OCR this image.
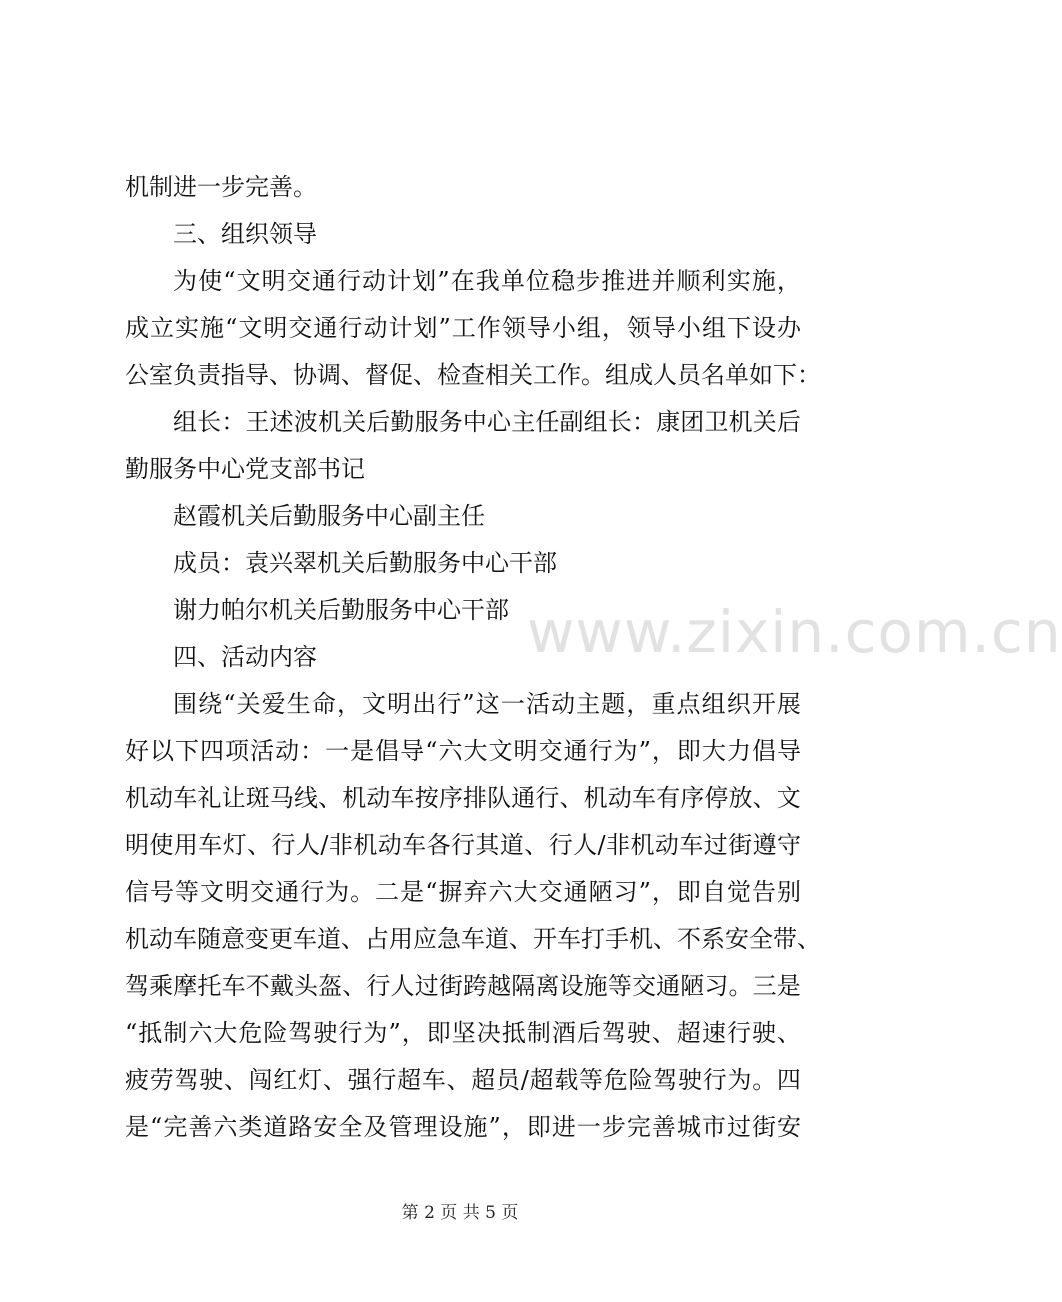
机制进一步完善。
三、组织领导
为 使 “ 文 明 交 通 行 动 计 划 ” 在 我 单 位 稳 步 推 进 并 顺 利 实 施 ，
成 立 实 施 “ 文 明 交 通 行 动 计 划 ” 工 作 领 导 小 组 ， 领 导 小 组 下 设 办
公 室 负 责 指 导 、 协 调 、 督 促 、 检 查 相 关 工 作 。 组 成 人 员 名 单 如 下 ：
组 长 ： 王 述 波 机 关 后 勤 服 务 中 心 主 任 副 组 长 ： 康 团 卫 机 关 后
勤服务中心党支部书记
赵霞机关后勤服务中心副主任
成员：袁兴翠机关后勤服务中心干部
谢力帕尔机关后勤服务中心干部
四、活动内容
围 绕 “ 关 爱 生 命 ， 文 明 出 行 ” 这 一 活 动 主 题 ， 重 点 组 织 开 展
好 以 下 四 项 活 动 ： 一 是 倡 导 “ 六 大 文 明 交 通 行 为 ” ， 即 大 力 倡 导
机 动 车 礼 让 斑 马 线 、 机 动 车 按 序 排 队 通 行 、 机 动 车 有 序 停 放 、 文
明 使 用 车 灯 、 行 人 / 非 机 动 车 各 行 其 道 、 行 人 / 非 机 动 车 过 街 遵 守
信 号 等 文 明 交 通 行 为 。 二 是 “ 摒 弃 六 大 交 通 陋 习 ” ， 即 自 觉 告 别
机 动 车 随 意 变 更 车 道 、 占 用 应 急 车 道 、 开 车 打 手 机 、 不 系 安 全 带 、
驾 乘 摩 托 车 不 戴 头 盔 、 行 人 过 街 跨 越 隔 离 设 施 等 交 通 陋 习 。 三 是
“ 抵 制 六 大 危 险 驾 驶 行 为 ” ， 即 坚 决 抵 制 酒 后 驾 驶 、 超 速 行 驶 、
疲 劳 驾 驶 、 闯 红 灯 、 强 行 超 车 、 超 员 / 超 载 等 危 险 驾 驶 行 为 。 四
是 “ 完 善 六 类 道 路 安 全 及 管 理 设 施 ” ， 即 进 一 步 完 善 城 市 过 街 安
www.zixin.com.cn
第 2 页 共 5 页
